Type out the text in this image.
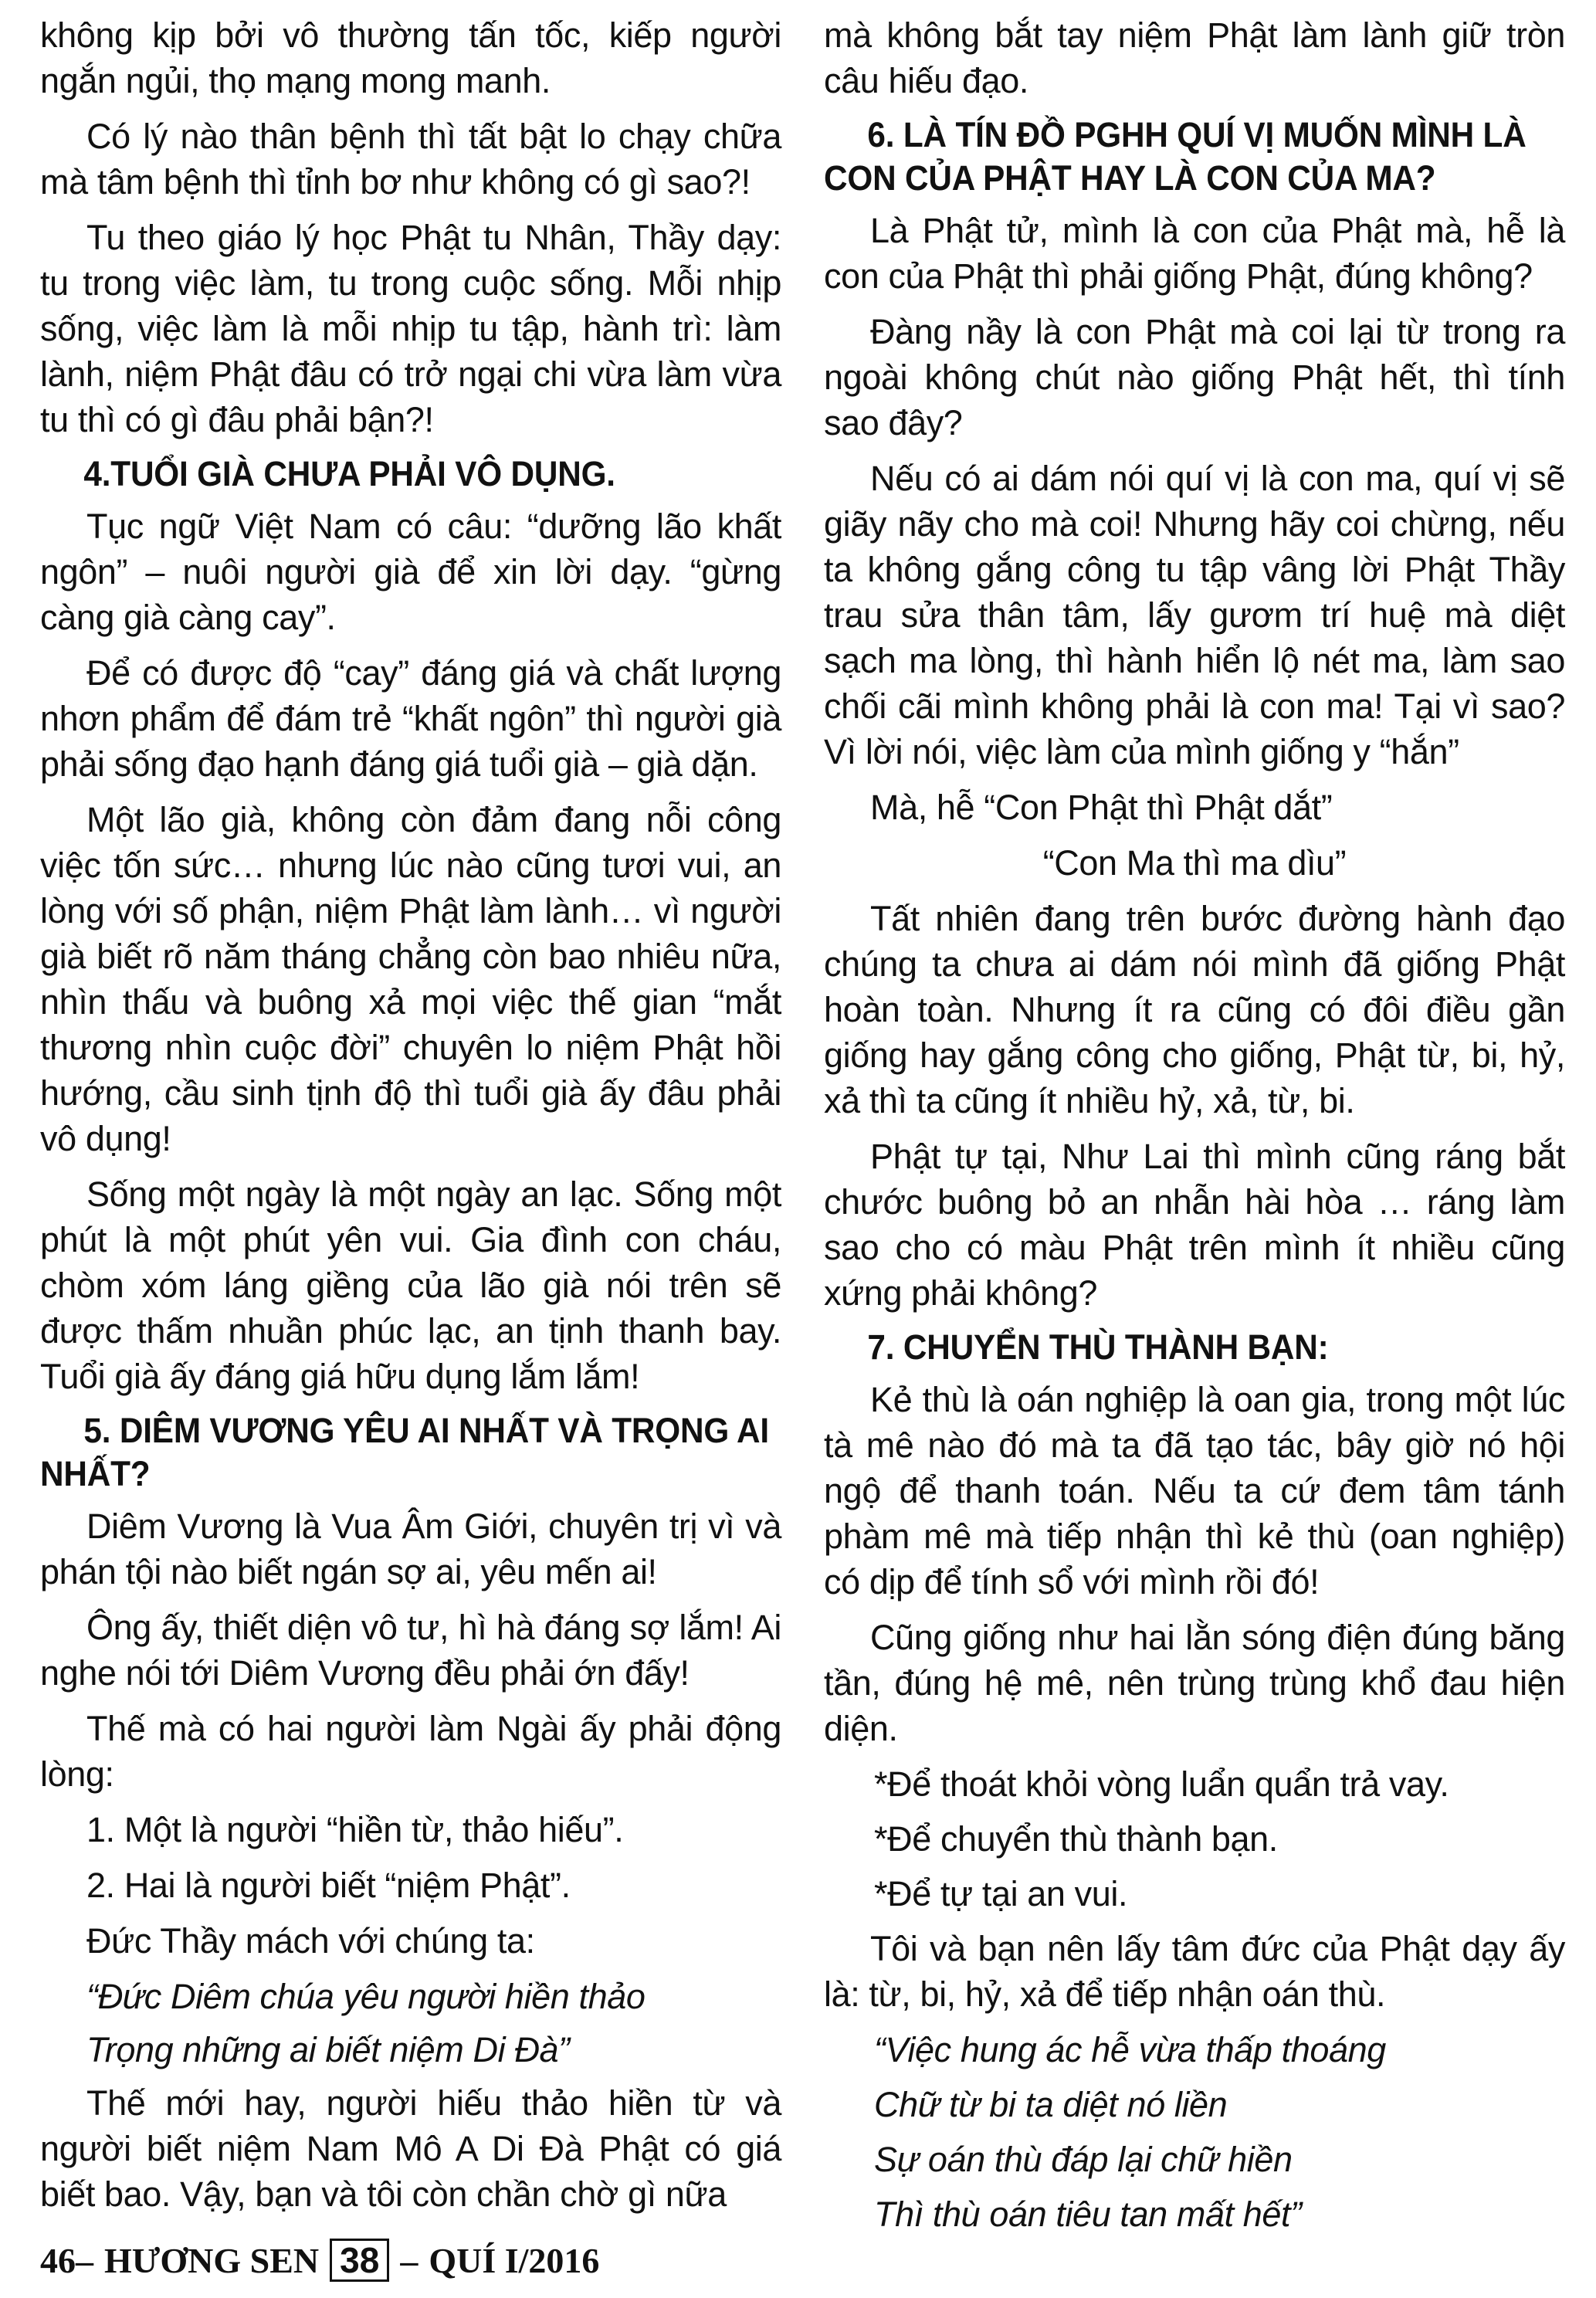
không kịp bởi vô thường tấn tốc, kiếp người ngắn ngủi, thọ mạng mong manh.

Có lý nào thân bệnh thì tất bật lo chạy chữa mà tâm bệnh thì tỉnh bơ như không có gì sao?!

Tu theo giáo lý học Phật tu Nhân, Thầy dạy: tu trong việc làm, tu trong cuộc sống. Mỗi nhịp sống, việc làm là mỗi nhịp tu tập, hành trì: làm lành, niệm Phật đâu có trở ngại chi vừa làm vừa tu thì có gì đâu phải bận?!

4.TUỔI GIÀ CHƯA PHẢI VÔ DỤNG.

Tục ngữ Việt Nam có câu: “dưỡng lão khất ngôn” – nuôi người già để xin lời dạy. “gừng càng già càng cay”.

Để có được độ “cay” đáng giá và chất lượng nhơn phẩm để đám trẻ “khất ngôn” thì người già phải sống đạo hạnh đáng giá tuổi già – già dặn.

Một lão già, không còn đảm đang nỗi công việc tốn sức… nhưng lúc nào cũng tươi vui, an lòng với số phận, niệm Phật làm lành… vì người già biết rõ năm tháng chẳng còn bao nhiêu nữa, nhìn thấu và buông xả mọi việc thế gian “mắt thương nhìn cuộc đời” chuyên lo niệm Phật hồi hướng, cầu sinh tịnh độ thì tuổi già ấy đâu phải vô dụng!

Sống một ngày là một ngày an lạc. Sống một phút là một phút yên vui. Gia đình con cháu, chòm xóm láng giềng của lão già nói trên sẽ được thấm nhuần phúc lạc, an tịnh thanh bay. Tuổi già ấy đáng giá hữu dụng lắm lắm!

5. DIÊM VƯƠNG YÊU AI NHẤT VÀ TRỌNG AI NHẤT?

Diêm Vương là Vua Âm Giới, chuyên trị vì và phán tội nào biết ngán sợ ai, yêu mến ai!

Ông ấy, thiết diện vô tư, hì hà đáng sợ lắm! Ai nghe nói tới Diêm Vương đều phải ớn đấy!

Thế mà có hai người làm Ngài ấy phải động lòng:

1. Một là người “hiền từ, thảo hiếu”.

2. Hai là người biết “niệm Phật”.

Đức Thầy mách với chúng ta:

“Đức Diêm chúa yêu người hiền thảo

Trọng những ai biết niệm Di Đà”

Thế mới hay, người hiếu thảo hiền từ và người biết niệm Nam Mô A Di Đà Phật có giá biết bao. Vậy, bạn và tôi còn chần chờ gì nữa

mà không bắt tay niệm Phật làm lành giữ tròn câu hiếu đạo.

6. LÀ TÍN ĐỒ PGHH QUÍ VỊ MUỐN MÌNH LÀ CON CỦA PHẬT HAY LÀ CON CỦA MA?

Là Phật tử, mình là con của Phật mà, hễ là con của Phật thì phải giống Phật, đúng không?

Đàng nầy là con Phật mà coi lại từ trong ra ngoài không chút nào giống Phật hết, thì tính sao đây?

Nếu có ai dám nói quí vị là con ma, quí vị sẽ giãy nãy cho mà coi! Nhưng hãy coi chừng, nếu ta không gắng công tu tập vâng lời Phật Thầy trau sửa thân tâm, lấy gươm trí huệ mà diệt sạch ma lòng, thì hành hiển lộ nét ma, làm sao chối cãi mình không phải là con ma! Tại vì sao? Vì lời nói, việc làm của mình giống y “hắn”

Mà, hễ “Con Phật thì Phật dắt”

“Con Ma thì ma dìu”

Tất nhiên đang trên bước đường hành đạo chúng ta chưa ai dám nói mình đã giống Phật hoàn toàn. Nhưng ít ra cũng có đôi điều gần giống hay gắng công cho giống, Phật từ, bi, hỷ, xả thì ta cũng ít nhiều hỷ, xả, từ, bi.

Phật tự tại, Như Lai thì mình cũng ráng bắt chước buông bỏ an nhẫn hài hòa … ráng làm sao cho có màu Phật trên mình ít nhiều cũng xứng phải không?

7. CHUYỂN THÙ THÀNH BẠN:

Kẻ thù là oán nghiệp là oan gia, trong một lúc tà mê nào đó mà ta đã tạo tác, bây giờ nó hội ngộ để thanh toán. Nếu ta cứ đem tâm tánh phàm mê mà tiếp nhận thì kẻ thù (oan nghiệp) có dịp để tính sổ với mình rồi đó!

Cũng giống như hai lằn sóng điện đúng băng tần, đúng hệ mê, nên trùng trùng khổ đau hiện diện.

*Để thoát khỏi vòng luẩn quẩn trả vay.

*Để chuyển thù thành bạn.

*Để tự tại an vui.

Tôi và bạn nên lấy tâm đức của Phật dạy ấy là: từ, bi, hỷ, xả để tiếp nhận oán thù.

“Việc hung ác hễ vừa thấp thoáng

Chữ từ bi ta diệt nó liền

Sự oán thù đáp lại chữ hiền

Thì thù oán tiêu tan mất hết”

46 – HƯƠNG SEN 38 – QUÍ I/2016
